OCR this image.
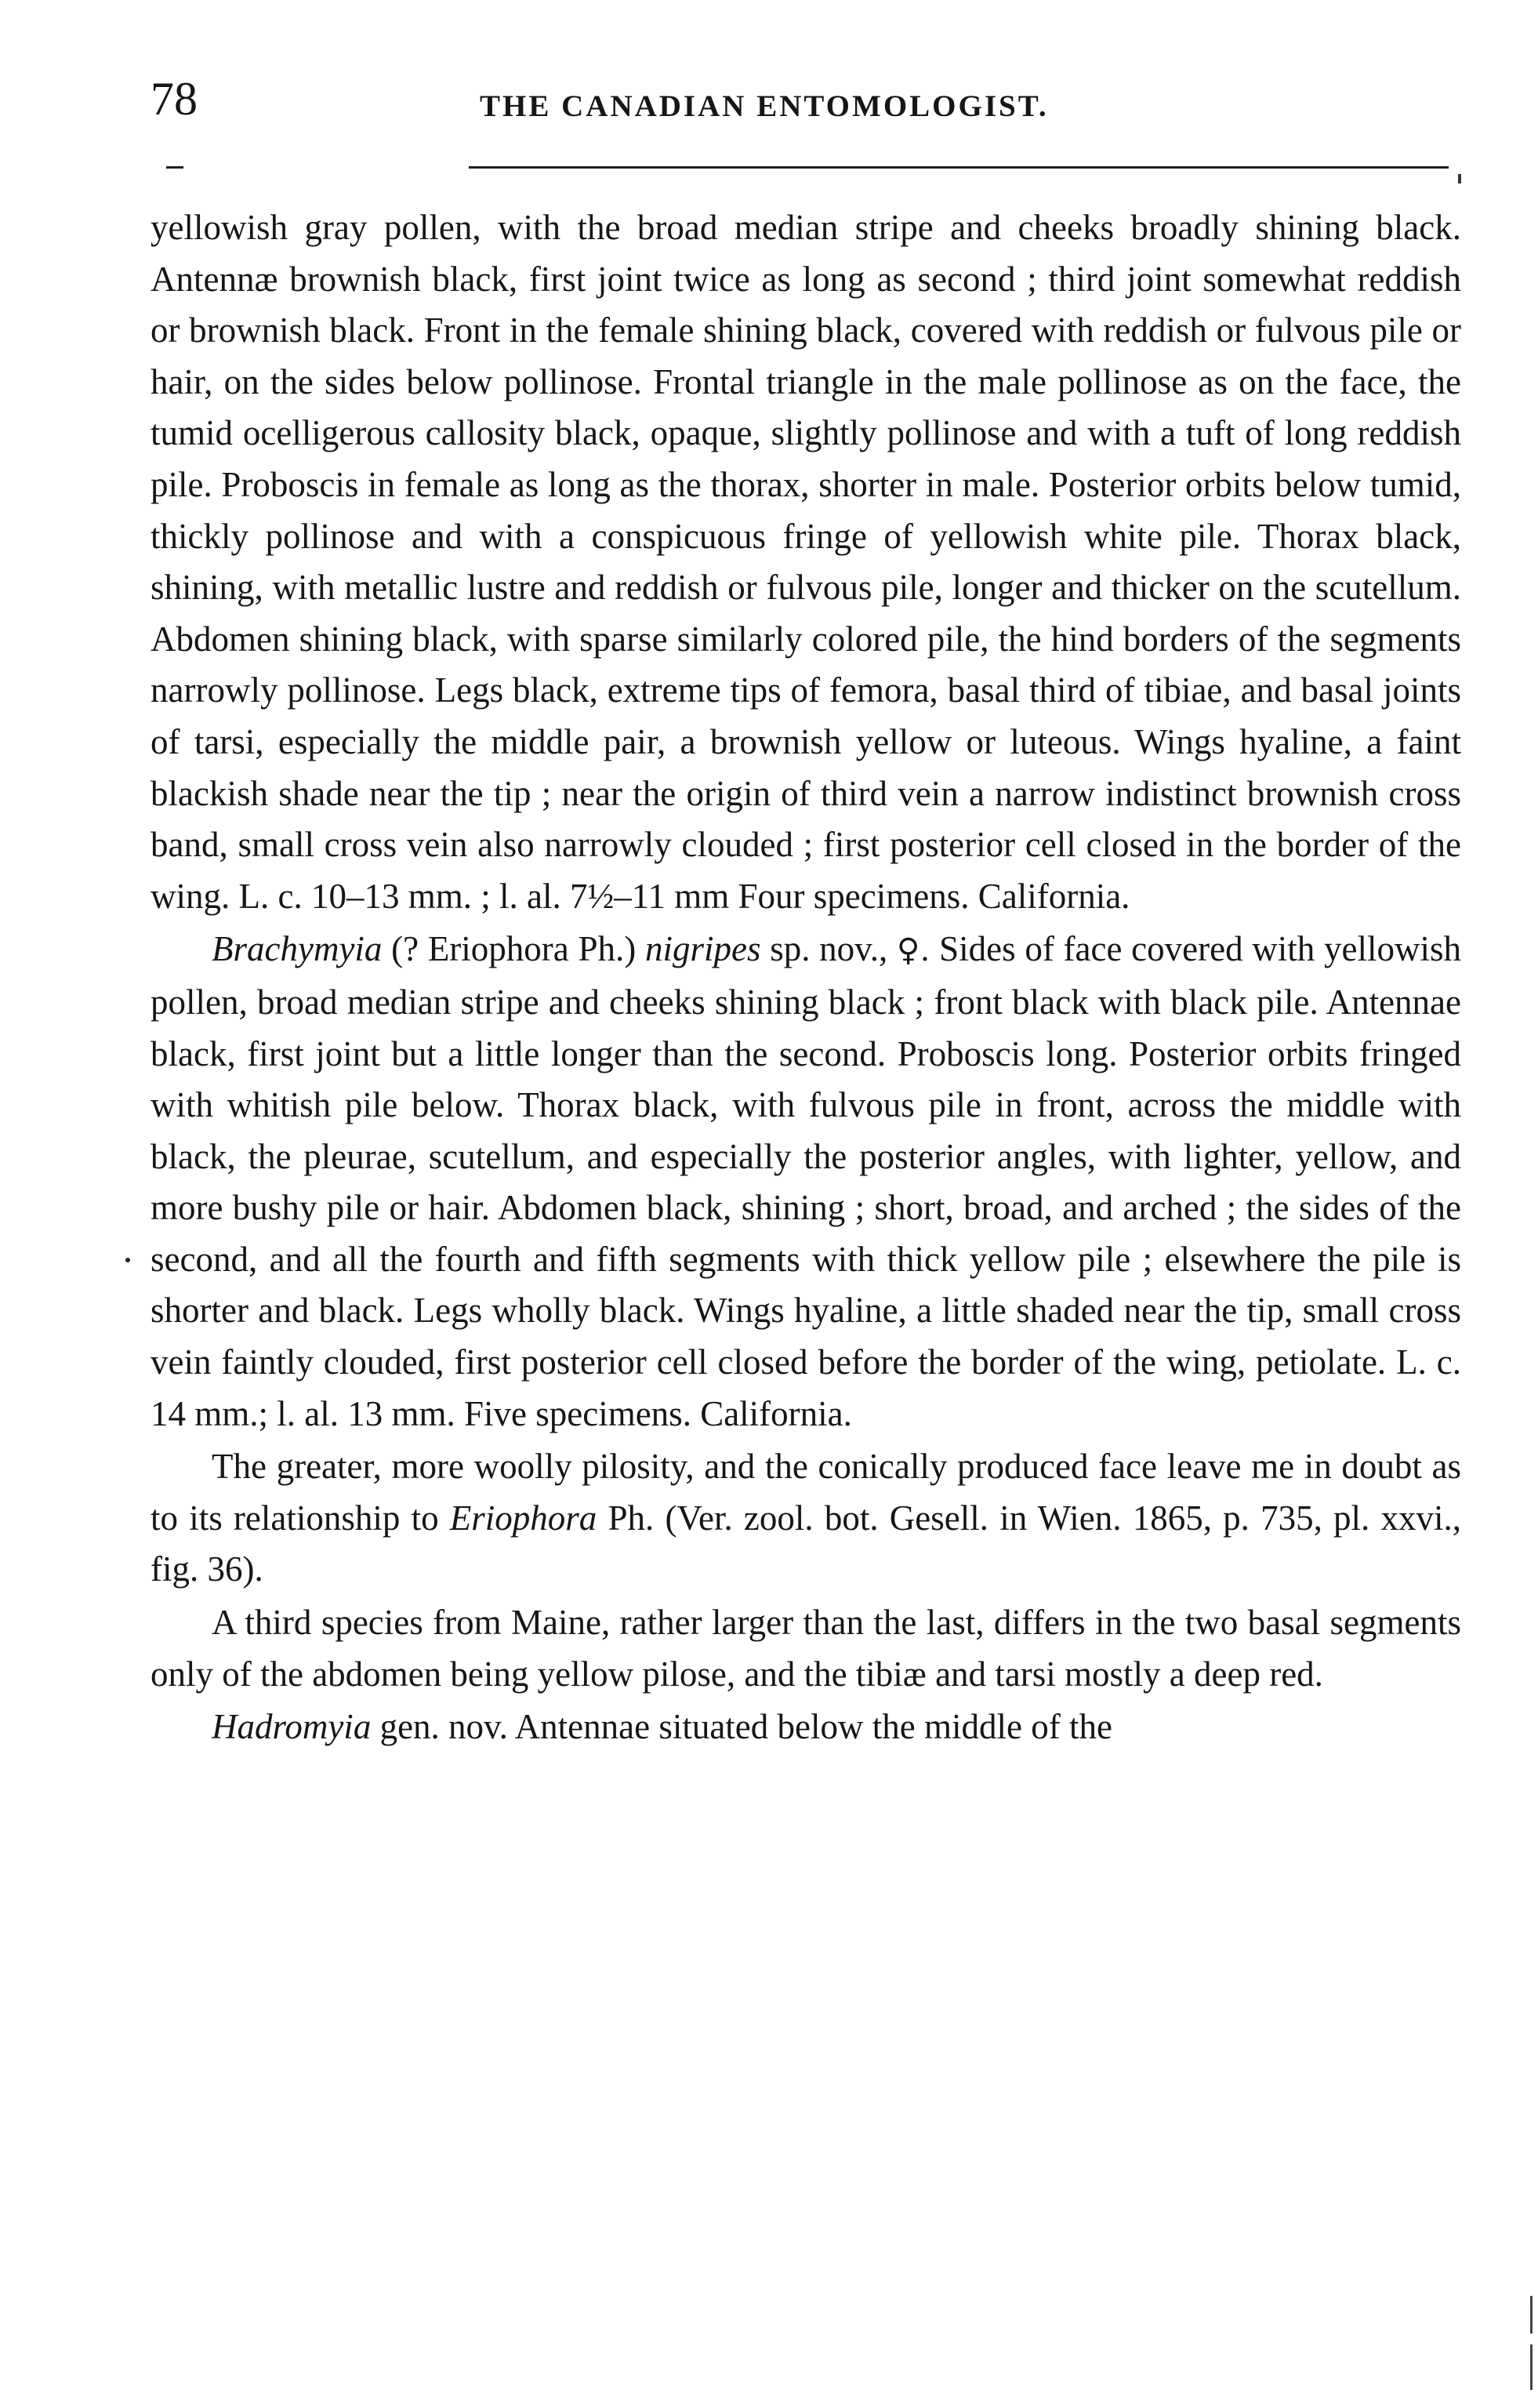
78	THE CANADIAN ENTOMOLOGIST.

yellowish gray pollen, with the broad median stripe and cheeks broadly shining black. Antennæ brownish black, first joint twice as long as second ; third joint somewhat reddish or brownish black. Front in the female shining black, covered with reddish or fulvous pile or hair, on the sides below pollinose. Frontal triangle in the male pollinose as on the face, the tumid ocelligerous callosity black, opaque, slightly pollinose and with a tuft of long reddish pile. Proboscis in female as long as the thorax, shorter in male. Posterior orbits below tumid, thickly pollinose and with a conspicuous fringe of yellowish white pile. Thorax black, shining, with metallic lustre and reddish or fulvous pile, longer and thicker on the scutellum. Abdomen shining black, with sparse similarly colored pile, the hind borders of the segments narrowly pollinose. Legs black, extreme tips of femora, basal third of tibiae, and basal joints of tarsi, especially the middle pair, a brownish yellow or luteous. Wings hyaline, a faint blackish shade near the tip ; near the origin of third vein a narrow indistinct brownish cross band, small cross vein also narrowly clouded ; first posterior cell closed in the border of the wing. L. c. 10–13 mm. ; l. al. 7½–11 mm Four specimens. California.

Brachymyia (? Eriophora Ph.) nigripes sp. nov., ♀. Sides of face covered with yellowish pollen, broad median stripe and cheeks shining black ; front black with black pile. Antennae black, first joint but a little longer than the second. Proboscis long. Posterior orbits fringed with whitish pile below. Thorax black, with fulvous pile in front, across the middle with black, the pleurae, scutellum, and especially the posterior angles, with lighter, yellow, and more bushy pile or hair. Abdomen black, shining ; short, broad, and arched ; the sides of the second, and all the fourth and fifth segments with thick yellow pile ; elsewhere the pile is shorter and black. Legs wholly black. Wings hyaline, a little shaded near the tip, small cross vein faintly clouded, first posterior cell closed before the border of the wing, petiolate. L. c. 14 mm.; l. al. 13 mm. Five specimens. California.

The greater, more woolly pilosity, and the conically produced face leave me in doubt as to its relationship to Eriophora Ph. (Ver. zool. bot. Gesell. in Wien. 1865, p. 735, pl. xxvi., fig. 36).

A third species from Maine, rather larger than the last, differs in the two basal segments only of the abdomen being yellow pilose, and the tibiæ and tarsi mostly a deep red.

Hadromyia gen. nov. Antennae situated below the middle of the
